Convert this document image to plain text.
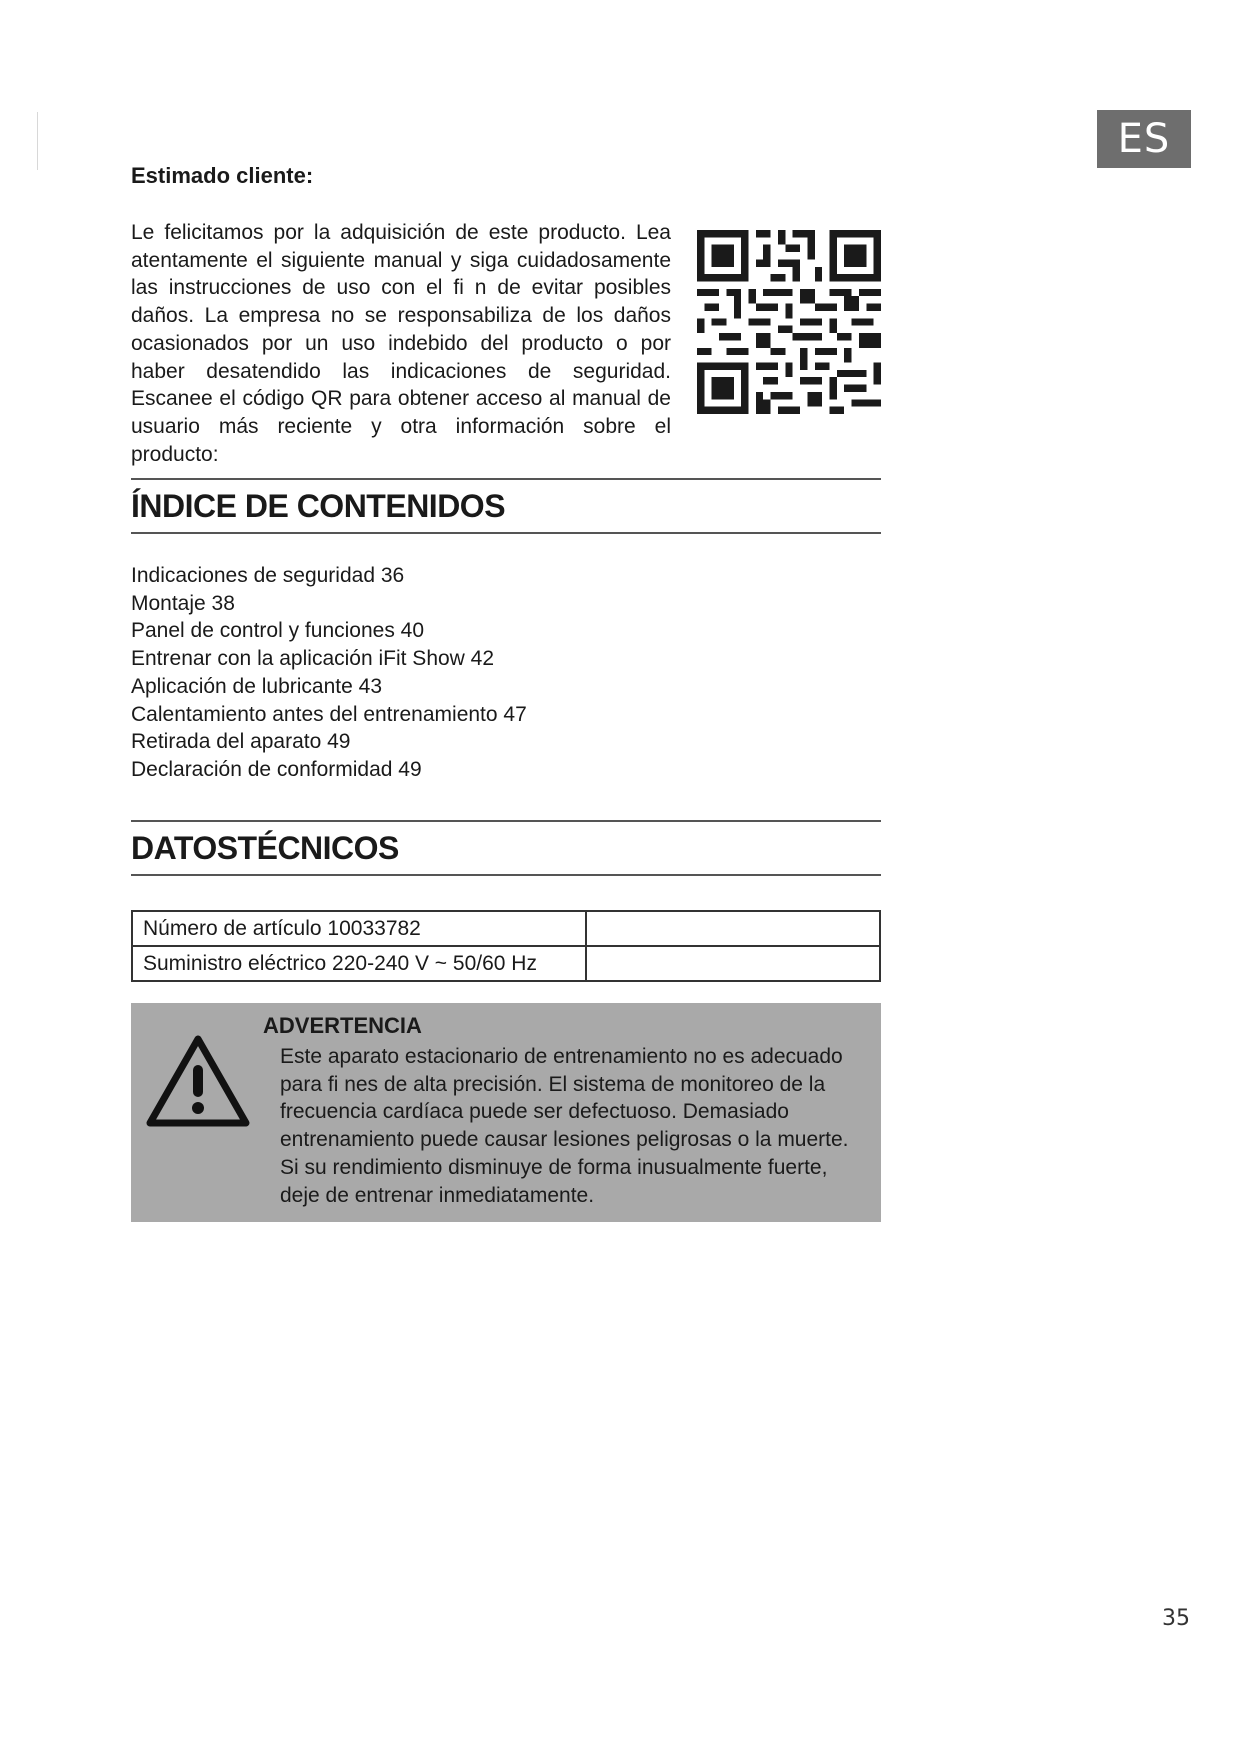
ES
Estimado cliente:

Le felicitamos por la adquisición de este producto. Lea atentamente el siguiente manual y siga cuidadosamente las instrucciones de uso con el ﬁ n de evitar posibles daños. La empresa no se responsabiliza de los daños ocasionados por un uso indebido del producto o por haber desatendido las indicaciones de seguridad. Escanee el código QR para obtener acceso al manual de usuario más reciente y otra información sobre el producto:

ÍNDICE DE CONTENIDOS
Indicaciones de seguridad 36
Montaje 38
Panel de control y funciones 40
Entrenar con la aplicación iFit Show 42
Aplicación de lubricante 43
Calentamiento antes del entrenamiento 47
Retirada del aparato 49
Declaración de conformidad 49
DATOSTÉCNICOS
Número de artículo 10033782	
Suministro eléctrico 220-240 V ~ 50/60 Hz	
ADVERTENCIA
Este aparato estacionario de entrenamiento no es adecuado
para ﬁ nes de alta precisión. El sistema de monitoreo de la
frecuencia cardíaca puede ser defectuoso. Demasiado
entrenamiento puede causar lesiones peligrosas o la muerte.
Si su rendimiento disminuye de forma inusualmente fuerte,
deje de entrenar inmediatamente.
35
